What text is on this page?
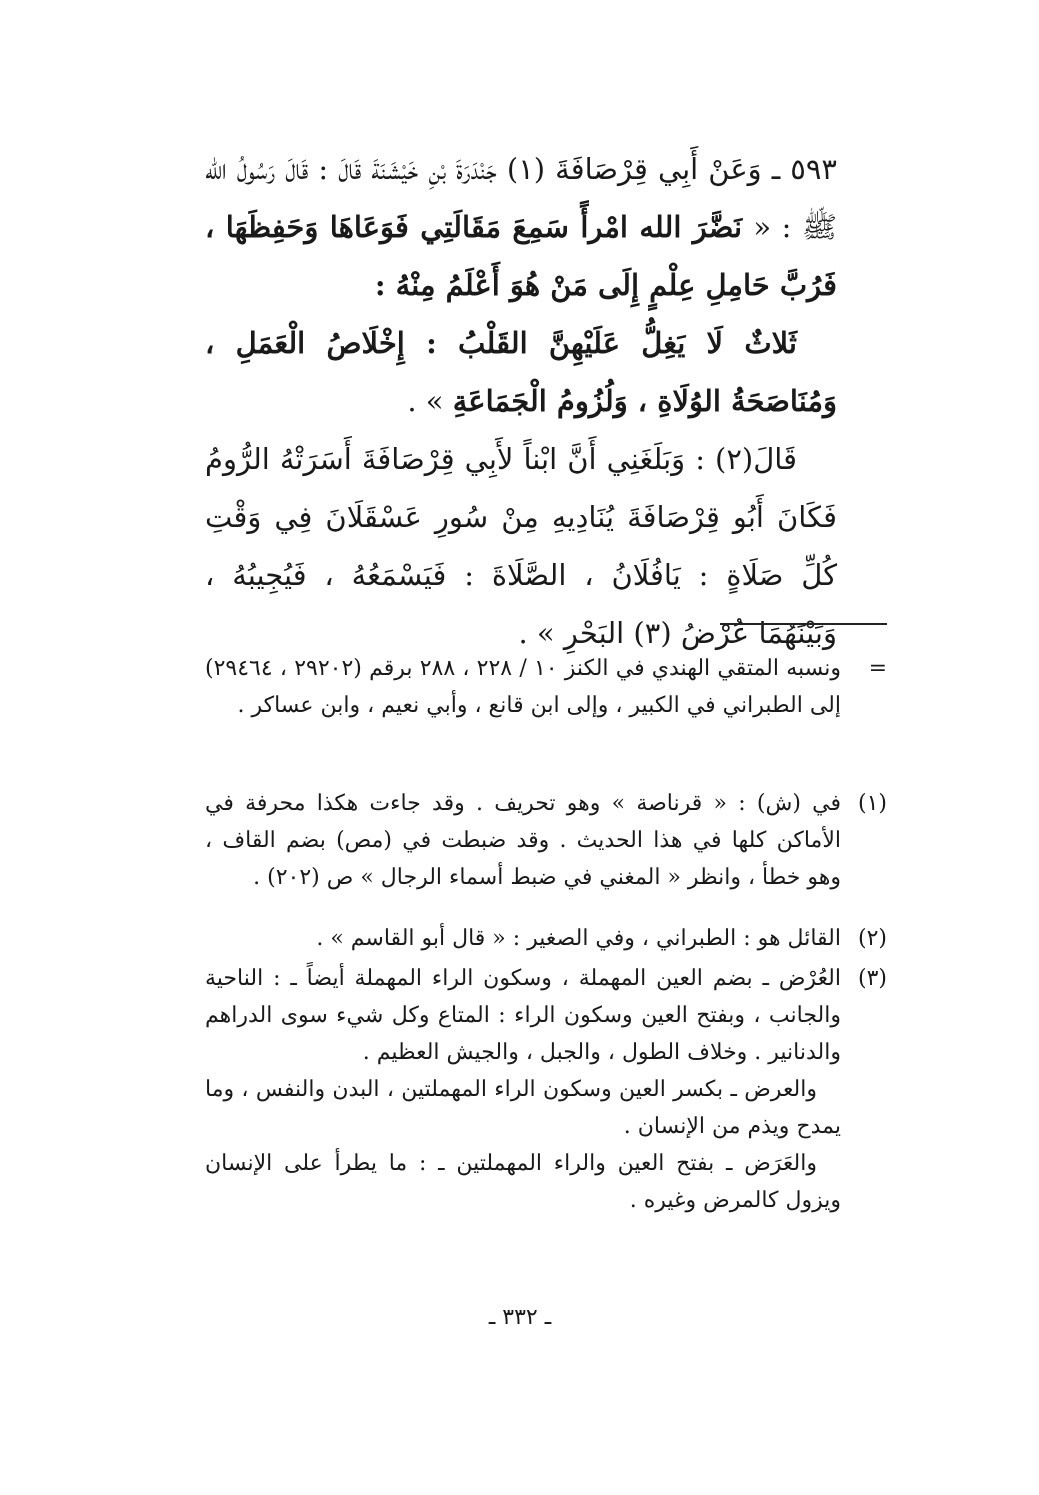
٥٩٣ ـ وَعَنْ أَبِي قِرْصَافَةَ (١) جَنْدَرَةَ بْنِ خَيْشَنَةَ قَالَ : قَالَ رَسُولُ الله ﷺ : « نَضَّرَ الله امْرأً سَمِعَ مَقَالَتِي فَوَعَاهَا وَحَفِظَهَا ، فَرُبَّ حَامِلِ عِلْمٍ إِلَى مَنْ هُوَ أَعْلَمُ مِنْهُ :

ثَلاثٌ لَا يَغِلُّ عَلَيْهِنَّ القَلْبُ : إِخْلَاصُ الْعَمَلِ ، وَمُنَاصَحَةُ الوُلَاةِ ، وَلُزُومُ الْجَمَاعَةِ » .

قَالَ(٢) : وَبَلَغَنِي أَنَّ ابْناً لأَبِي قِرْصَافَةَ أَسَرَتْهُ الرُّومُ فَكَانَ أَبُو قِرْصَافَةَ يُنَادِيهِ مِنْ سُورِ عَسْقَلَانَ فِي وَقْتِ كُلِّ صَلَاةٍ : يَافُلَانُ ، الصَّلَاةَ : فَيَسْمَعُهُ ، فَيُجِيبُهُ ، وَبَيْنَهُمَا عُرْضُ (٣) البَحْرِ » .

=

ونسبه المتقي الهندي في الكنز ١٠ / ٢٢٨ ، ٢٨٨ برقم (٢٩٢٠٢ ، ٢٩٤٦٤) إلى الطبراني في الكبير ، وإلى ابن قانع ، وأبي نعيم ، وابن عساكر .

(١)

في (ش) : « قرناصة » وهو تحريف . وقد جاءت هكذا محرفة في الأماكن كلها في هذا الحديث . وقد ضبطت في (مص) بضم القاف ، وهو خطأ ، وانظر « المغني في ضبط أسماء الرجال » ص (٢٠٢) .

(٢)

القائل هو : الطبراني ، وفي الصغير : « قال أبو القاسم » .

(٣)

العُرْض ـ بضم العين المهملة ، وسكون الراء المهملة أيضاً ـ : الناحية والجانب ، وبفتح العين وسكون الراء : المتاع وكل شيء سوى الدراهم والدنانير . وخلاف الطول ، والجبل ، والجيش العظيم .

والعرض ـ بكسر العين وسكون الراء المهملتين ، البدن والنفس ، وما يمدح ويذم من الإنسان .

والعَرَض ـ بفتح العين والراء المهملتين ـ : ما يطرأ على الإنسان ويزول كالمرض وغيره .

ـ ٣٣٢ ـ
